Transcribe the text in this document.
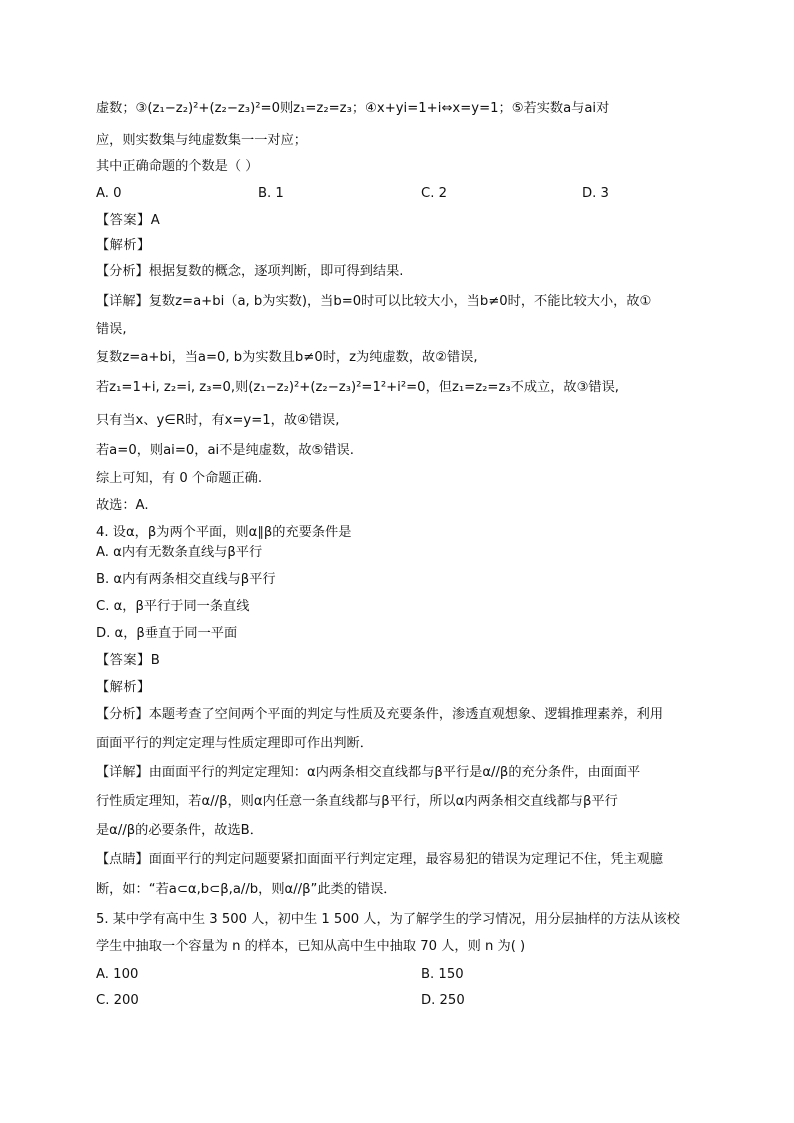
虚数；③(z₁−z₂)²+(z₂−z₃)²=0则z₁=z₂=z₃；④x+yi=1+i⇔x=y=1；⑤若实数a与ai对
应，则实数集与纯虚数集一一对应；
其中正确命题的个数是（ ）
A. 0	B. 1	C. 2	D. 3
【答案】A
【解析】
【分析】根据复数的概念，逐项判断，即可得到结果.
【详解】复数z=a+bi（a, b为实数)，当b=0时可以比较大小，当b≠0时，不能比较大小，故①
错误,
复数z=a+bi，当a=0, b为实数且b≠0时，z为纯虚数，故②错误,
若z₁=1+i, z₂=i, z₃=0,则(z₁−z₂)²+(z₂−z₃)²=1²+i²=0，但z₁=z₂=z₃不成立，故③错误,
只有当x、y∈R时，有x=y=1，故④错误,
若a=0，则ai=0，ai不是纯虚数，故⑤错误.
综上可知，有 0 个命题正确.
故选：A.
4. 设α，β为两个平面，则α∥β的充要条件是
A. α内有无数条直线与β平行
B. α内有两条相交直线与β平行
C. α，β平行于同一条直线
D. α，β垂直于同一平面
【答案】B
【解析】
【分析】本题考查了空间两个平面的判定与性质及充要条件，渗透直观想象、逻辑推理素养，利用
面面平行的判定定理与性质定理即可作出判断．
【详解】由面面平行的判定定理知：α内两条相交直线都与β平行是α//β的充分条件，由面面平
行性质定理知，若α//β，则α内任意一条直线都与β平行，所以α内两条相交直线都与β平行
是α//β的必要条件，故选B．
【点睛】面面平行的判定问题要紧扣面面平行判定定理，最容易犯的错误为定理记不住，凭主观臆
断，如：“若a⊂α,b⊂β,a//b，则α//β”此类的错误．
5. 某中学有高中生 3 500 人，初中生 1 500 人，为了解学生的学习情况，用分层抽样的方法从该校
学生中抽取一个容量为 n 的样本，已知从高中生中抽取 70 人，则 n 为( )
A. 100	B. 150
C. 200	D. 250
